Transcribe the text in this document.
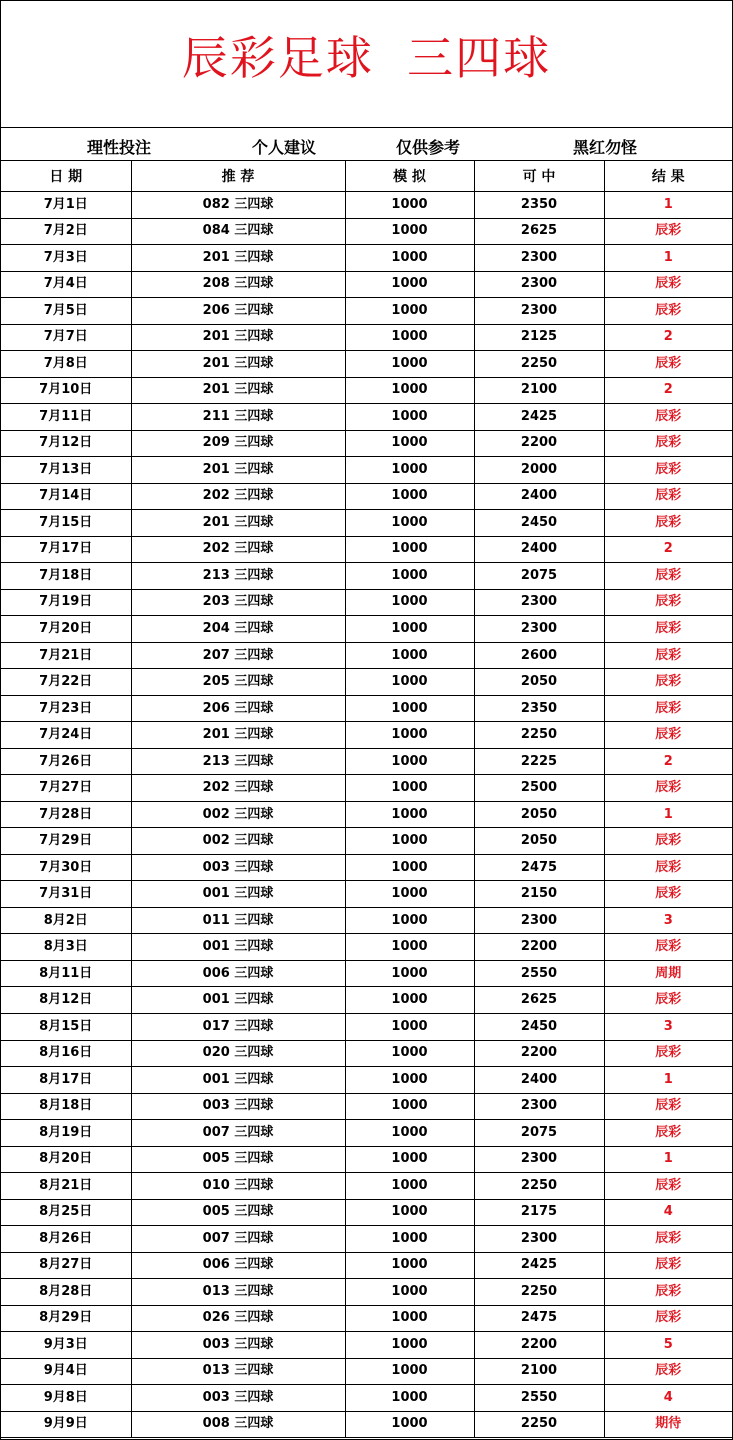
辰彩足球  三四球
理性投注	个人建议	仅供参考	黑红勿怪
日 期	推 荐	模 拟	可 中	结 果
7月1日	082 三四球	1000	2350	1
7月2日	084 三四球	1000	2625	辰彩
7月3日	201 三四球	1000	2300	1
7月4日	208 三四球	1000	2300	辰彩
7月5日	206 三四球	1000	2300	辰彩
7月7日	201 三四球	1000	2125	2
7月8日	201 三四球	1000	2250	辰彩
7月10日	201 三四球	1000	2100	2
7月11日	211 三四球	1000	2425	辰彩
7月12日	209 三四球	1000	2200	辰彩
7月13日	201 三四球	1000	2000	辰彩
7月14日	202 三四球	1000	2400	辰彩
7月15日	201 三四球	1000	2450	辰彩
7月17日	202 三四球	1000	2400	2
7月18日	213 三四球	1000	2075	辰彩
7月19日	203 三四球	1000	2300	辰彩
7月20日	204 三四球	1000	2300	辰彩
7月21日	207 三四球	1000	2600	辰彩
7月22日	205 三四球	1000	2050	辰彩
7月23日	206 三四球	1000	2350	辰彩
7月24日	201 三四球	1000	2250	辰彩
7月26日	213 三四球	1000	2225	2
7月27日	202 三四球	1000	2500	辰彩
7月28日	002 三四球	1000	2050	1
7月29日	002 三四球	1000	2050	辰彩
7月30日	003 三四球	1000	2475	辰彩
7月31日	001 三四球	1000	2150	辰彩
8月2日	011 三四球	1000	2300	3
8月3日	001 三四球	1000	2200	辰彩
8月11日	006 三四球	1000	2550	周期
8月12日	001 三四球	1000	2625	辰彩
8月15日	017 三四球	1000	2450	3
8月16日	020 三四球	1000	2200	辰彩
8月17日	001 三四球	1000	2400	1
8月18日	003 三四球	1000	2300	辰彩
8月19日	007 三四球	1000	2075	辰彩
8月20日	005 三四球	1000	2300	1
8月21日	010 三四球	1000	2250	辰彩
8月25日	005 三四球	1000	2175	4
8月26日	007 三四球	1000	2300	辰彩
8月27日	006 三四球	1000	2425	辰彩
8月28日	013 三四球	1000	2250	辰彩
8月29日	026 三四球	1000	2475	辰彩
9月3日	003 三四球	1000	2200	5
9月4日	013 三四球	1000	2100	辰彩
9月8日	003 三四球	1000	2550	4
9月9日	008 三四球	1000	2250	期待
